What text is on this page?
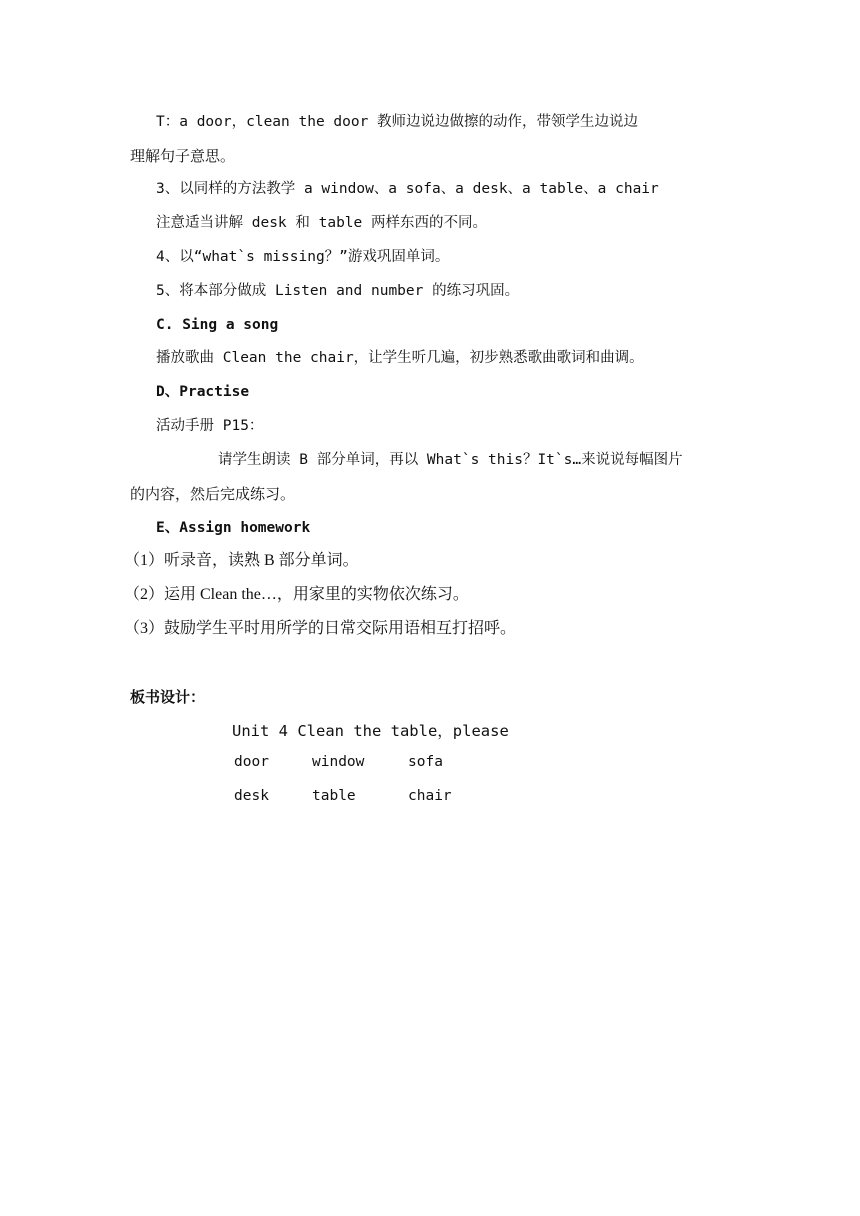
T：a door，clean the door 教师边说边做擦的动作，带领学生边说边
理解句子意思。
3、以同样的方法教学 a window、a sofa、a desk、a table、a chair
注意适当讲解 desk 和 table 两样东西的不同。
4、以“what`s missing？”游戏巩固单词。
5、将本部分做成 Listen and number 的练习巩固。
C. Sing a song
播放歌曲 Clean the chair，让学生听几遍，初步熟悉歌曲歌词和曲调。
D、Practise
活动手册 P15：
请学生朗读 B 部分单词，再以 What`s this？It`s…来说说每幅图片
的内容，然后完成练习。
E、Assign homework
（1）听录音，读熟 B 部分单词。
（2）运用 Clean the…，用家里的实物依次练习。
（3）鼓励学生平时用所学的日常交际用语相互打招呼。
板书设计：
Unit 4 Clean the table，please
door	window	sofa
desk	table	chair
